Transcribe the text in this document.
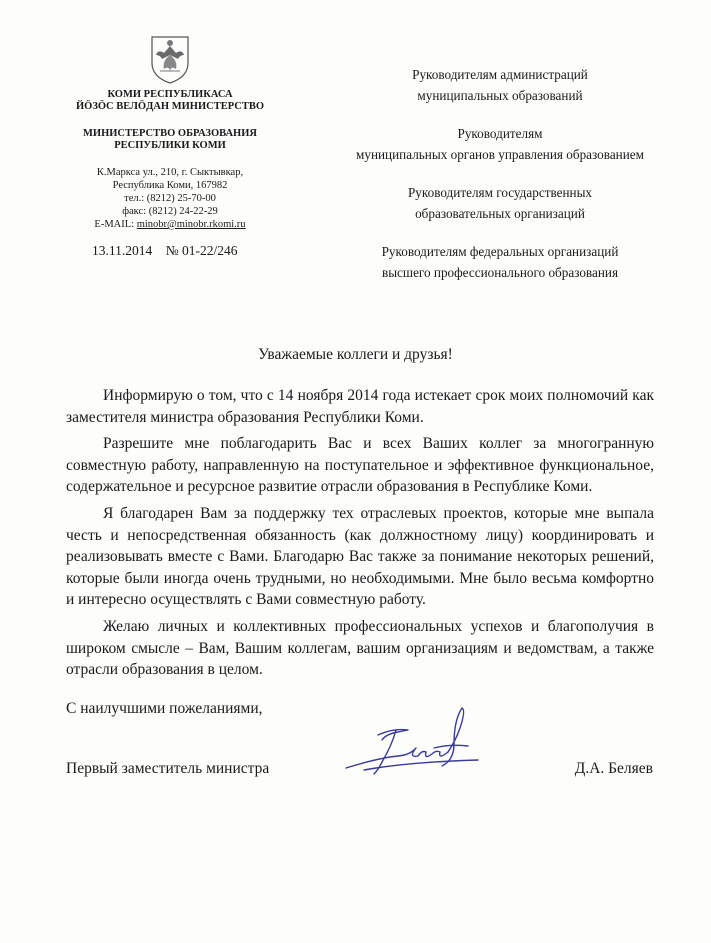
КОМИ РЕСПУБЛИКАСА

ЙӦЗӦС ВЕЛӦДАН МИНИСТЕРСТВО

МИНИСТЕРСТВО ОБРАЗОВАНИЯ

РЕСПУБЛИКИ КОМИ

К.Маркса ул., 210, г. Сыктывкар,
Республика Коми, 167982
тел.: (8212) 25-70-00
факс: (8212) 24-22-29
E-MAIL: minobr@minobr.rkomi.ru
13.11.2014 № 01-22/246
Руководителям администраций
муниципальных образований
Руководителям
муниципальных органов управления образованием
Руководителям государственных
образовательных организаций
Руководителям федеральных организаций
высшего профессионального образования
Уважаемые коллеги и друзья!

Информирую о том, что с 14 ноября 2014 года истекает срок моих полномочий как заместителя министра образования Республики Коми.

Разрешите мне поблагодарить Вас и всех Ваших коллег за многогранную совместную работу, направленную на поступательное и эффективное функциональное, содержательное и ресурсное развитие отрасли образования в Республике Коми.

Я благодарен Вам за поддержку тех отраслевых проектов, которые мне выпала честь и непосредственная обязанность (как должностному лицу) координировать и реализовывать вместе с Вами. Благодарю Вас также за понимание некоторых решений, которые были иногда очень трудными, но необходимыми. Мне было весьма комфортно и интересно осуществлять с Вами совместную работу.

Желаю личных и коллективных профессиональных успехов и благополучия в широком смысле – Вам, Вашим коллегам, вашим организациям и ведомствам, а также отрасли образования в целом.

С наилучшими пожеланиями,
Первый заместитель министра	Д.А. Беляев
